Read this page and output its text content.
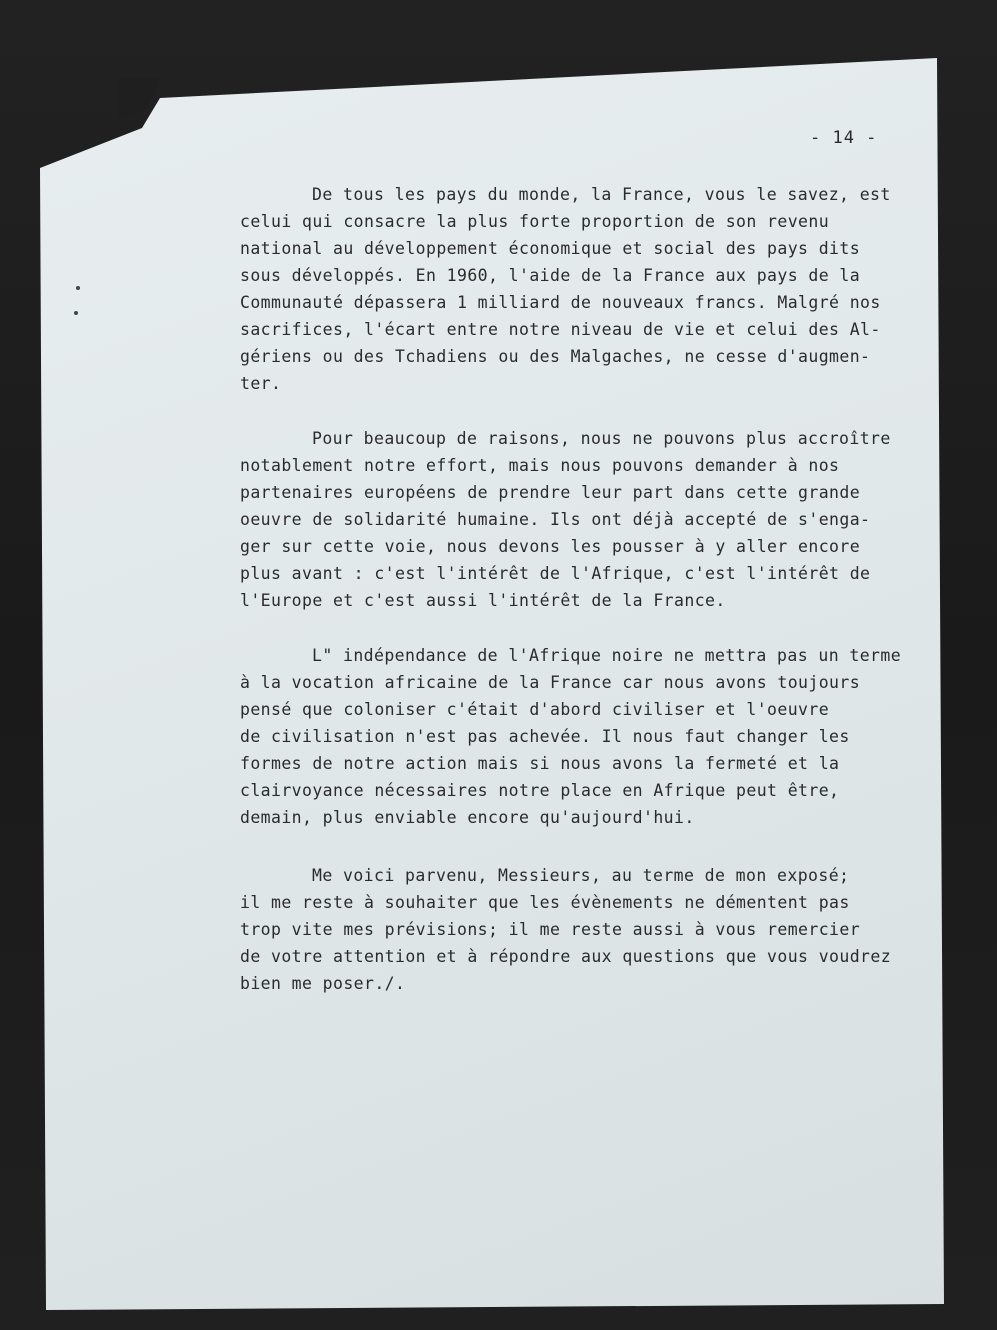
- 14 -
De tous les pays du monde, la France, vous le savez, est
celui qui consacre la plus forte proportion de son revenu
national au développement économique et social des pays dits
sous développés. En 1960, l'aide de la France aux pays de la
Communauté dépassera 1 milliard de nouveaux francs. Malgré nos
sacrifices, l'écart entre notre niveau de vie et celui des Al-
gériens ou des Tchadiens ou des Malgaches, ne cesse d'augmen-
ter.
Pour beaucoup de raisons, nous ne pouvons plus accroître
notablement notre effort, mais nous pouvons demander à nos
partenaires européens de prendre leur part dans cette grande
oeuvre de solidarité humaine. Ils ont déjà accepté de s'enga-
ger sur cette voie, nous devons les pousser à y aller encore
plus avant : c'est l'intérêt de l'Afrique, c'est l'intérêt de
l'Europe et c'est aussi l'intérêt de la France.
L" indépendance de l'Afrique noire ne mettra pas un terme
à la vocation africaine de la France car nous avons toujours
pensé que coloniser c'était d'abord civiliser et l'oeuvre
de civilisation n'est pas achevée. Il nous faut changer les
formes de notre action mais si nous avons la fermeté et la
clairvoyance nécessaires notre place en Afrique peut être,
demain, plus enviable encore qu'aujourd'hui.
Me voici parvenu, Messieurs, au terme de mon exposé;
il me reste à souhaiter que les évènements ne démentent pas
trop vite mes prévisions; il me reste aussi à vous remercier
de votre attention et à répondre aux questions que vous voudrez
bien me poser./.
